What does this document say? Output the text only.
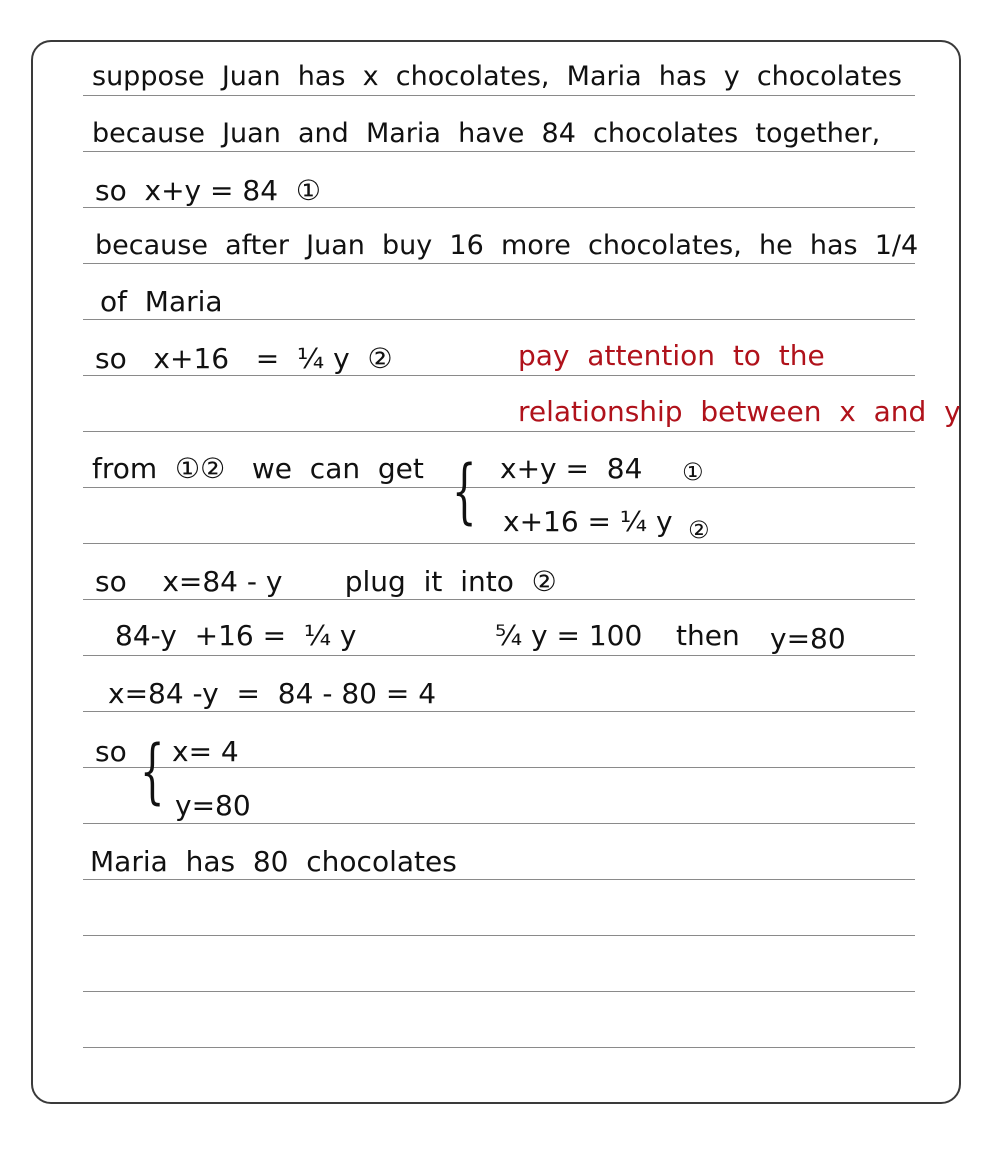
suppose  Juan  has  x  chocolates,  Maria  has  y  chocolates
because  Juan  and  Maria  have  84  chocolates  together,
so  x+y = 84  ①
because  after  Juan  buy  16  more  chocolates,  he  has  1/4
of  Maria
so   x+16   =  ¼ y  ②	pay  attention  to  the
relationship  between  x  and  y
from  ①②   we  can  get { x+y =  84 ①
x+16 = ¼ y ②
so    x=84 - y       plug  it  into  ②
84-y  +16 =  ¼ y	⁵⁄₄ y = 100 then y=80
x=84 -y  =  84 - 80 = 4
so { x= 4
y=80
Maria  has  80  chocolates
